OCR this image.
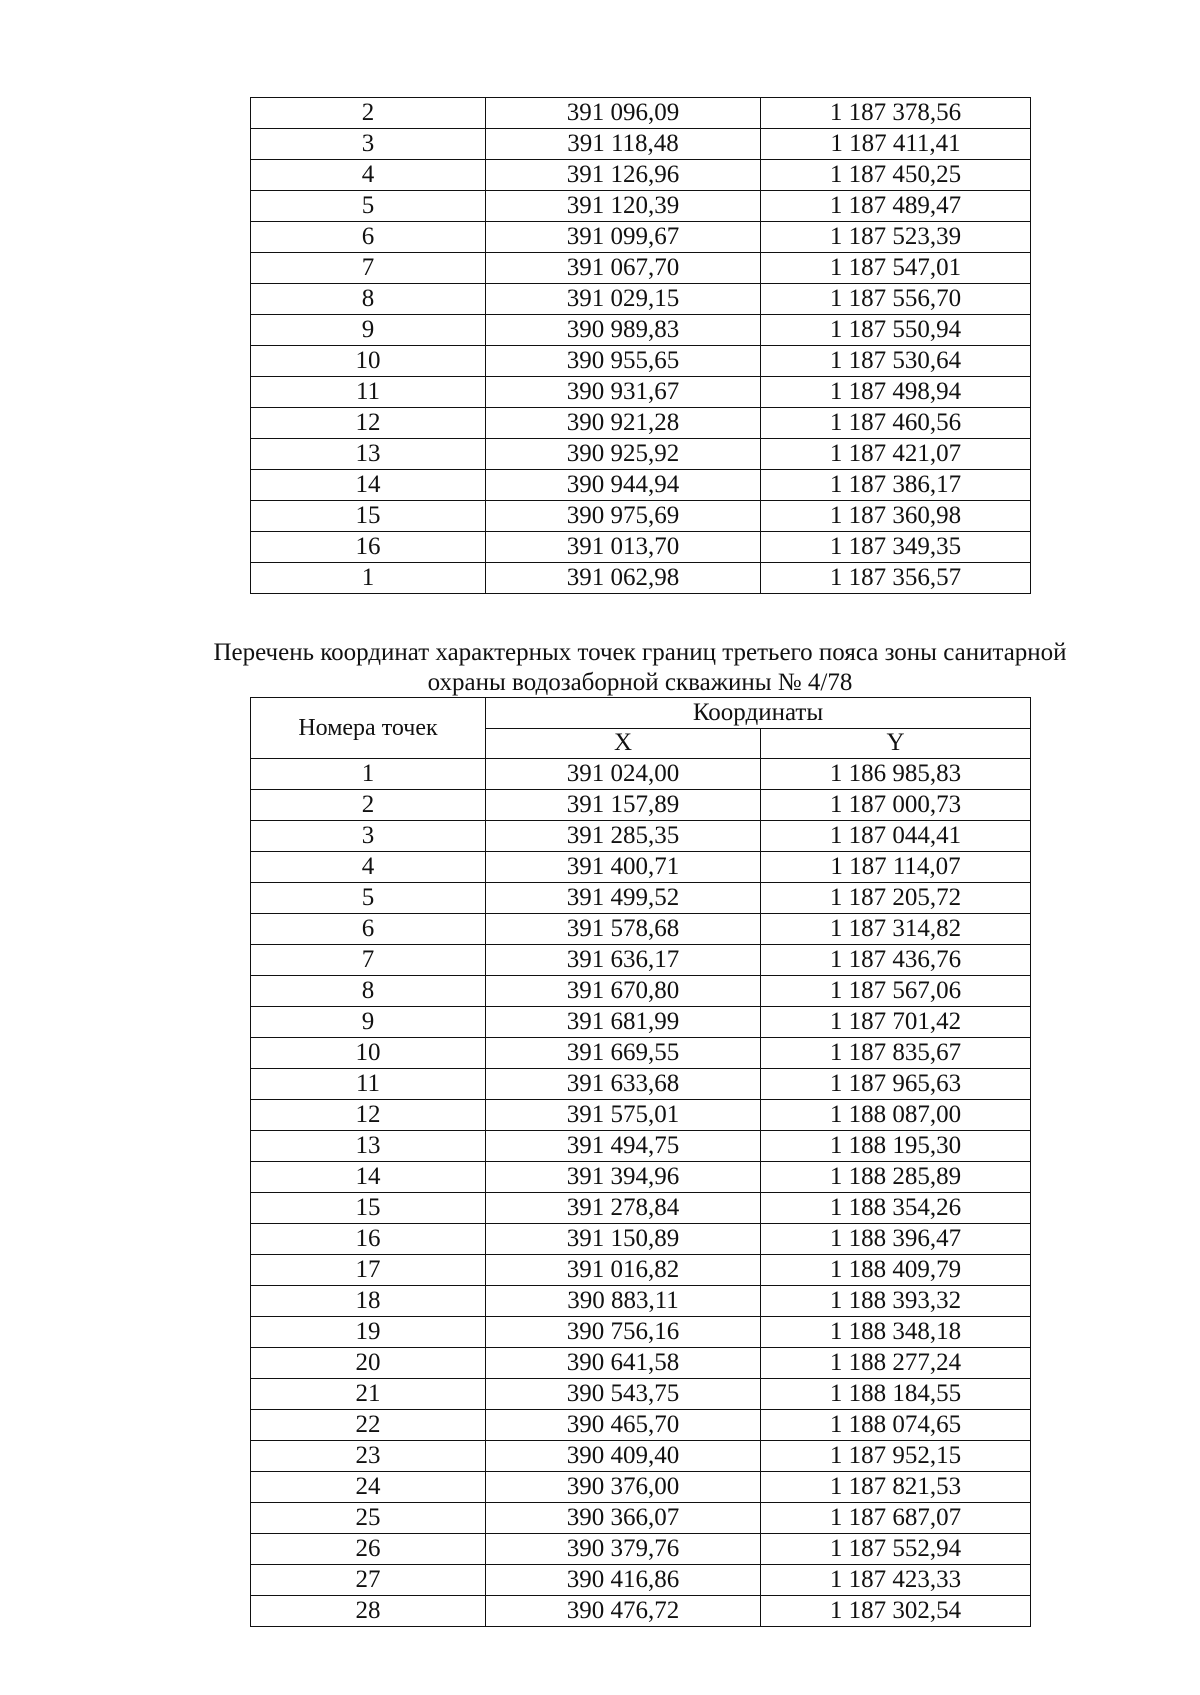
2	391 096,09	1 187 378,56
3	391 118,48	1 187 411,41
4	391 126,96	1 187 450,25
5	391 120,39	1 187 489,47
6	391 099,67	1 187 523,39
7	391 067,70	1 187 547,01
8	391 029,15	1 187 556,70
9	390 989,83	1 187 550,94
10	390 955,65	1 187 530,64
11	390 931,67	1 187 498,94
12	390 921,28	1 187 460,56
13	390 925,92	1 187 421,07
14	390 944,94	1 187 386,17
15	390 975,69	1 187 360,98
16	391 013,70	1 187 349,35
1	391 062,98	1 187 356,57
Перечень координат характерных точек границ третьего пояса зоны санитарной
охраны водозаборной скважины № 4/78
Номера точек	Координаты	
	X	Y
1	391 024,00	1 186 985,83
2	391 157,89	1 187 000,73
3	391 285,35	1 187 044,41
4	391 400,71	1 187 114,07
5	391 499,52	1 187 205,72
6	391 578,68	1 187 314,82
7	391 636,17	1 187 436,76
8	391 670,80	1 187 567,06
9	391 681,99	1 187 701,42
10	391 669,55	1 187 835,67
11	391 633,68	1 187 965,63
12	391 575,01	1 188 087,00
13	391 494,75	1 188 195,30
14	391 394,96	1 188 285,89
15	391 278,84	1 188 354,26
16	391 150,89	1 188 396,47
17	391 016,82	1 188 409,79
18	390 883,11	1 188 393,32
19	390 756,16	1 188 348,18
20	390 641,58	1 188 277,24
21	390 543,75	1 188 184,55
22	390 465,70	1 188 074,65
23	390 409,40	1 187 952,15
24	390 376,00	1 187 821,53
25	390 366,07	1 187 687,07
26	390 379,76	1 187 552,94
27	390 416,86	1 187 423,33
28	390 476,72	1 187 302,54
